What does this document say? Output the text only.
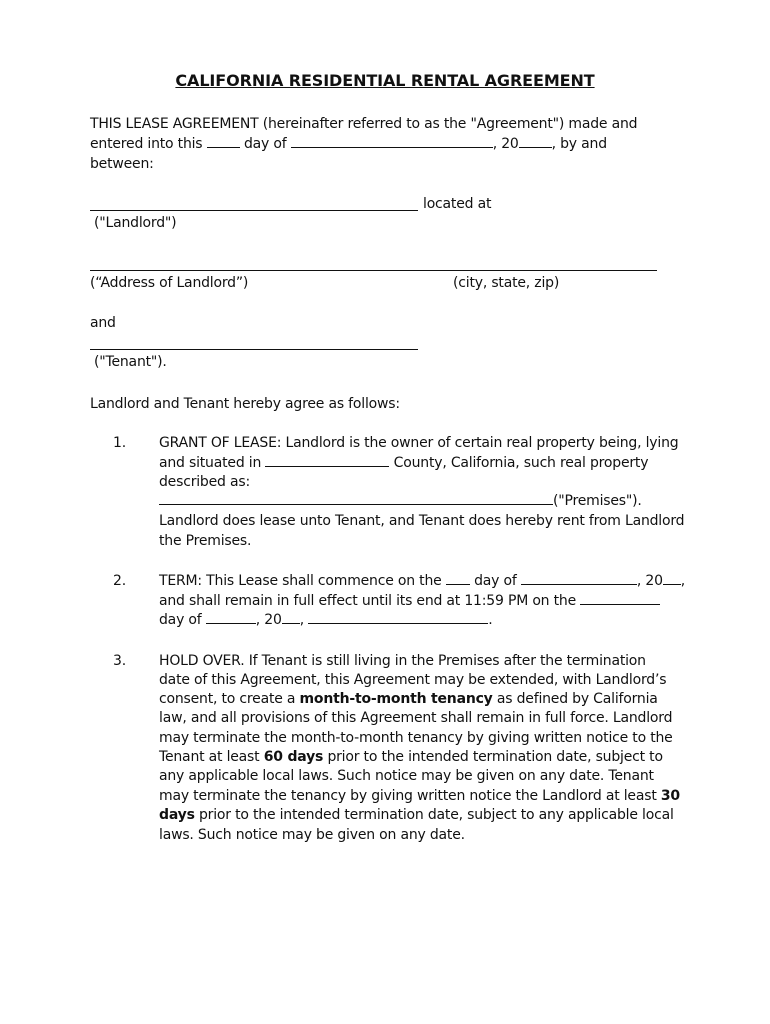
CALIFORNIA RESIDENTIAL RENTAL AGREEMENT
THIS LEASE AGREEMENT (hereinafter referred to as the "Agreement") made and
entered into this	day of	, 20 , by and
between:
located at
("Landlord")
(“Address of Landlord”)	(city, state, zip)
and
("Tenant").
Landlord and Tenant hereby agree as follows:
1. GRANT OF LEASE: Landlord is the owner of certain real property being, lying
and situated in	County, California, such real property
described as:
("Premises").
Landlord does lease unto Tenant, and Tenant does hereby rent from Landlord
the Premises.
2. TERM: This Lease shall commence on the day of	, 20 ,
and shall remain in full effect until its end at 11:59 PM on the
day of	, 20 ,	.
3. HOLD OVER. If Tenant is still living in the Premises after the termination
date of this Agreement, this Agreement may be extended, with Landlord’s
consent, to create a month-to-month tenancy as defined by California
law, and all provisions of this Agreement shall remain in full force. Landlord
may terminate the month-to-month tenancy by giving written notice to the
Tenant at least 60 days prior to the intended termination date, subject to
any applicable local laws. Such notice may be given on any date. Tenant
may terminate the tenancy by giving written notice the Landlord at least 30
days prior to the intended termination date, subject to any applicable local
laws. Such notice may be given on any date.
